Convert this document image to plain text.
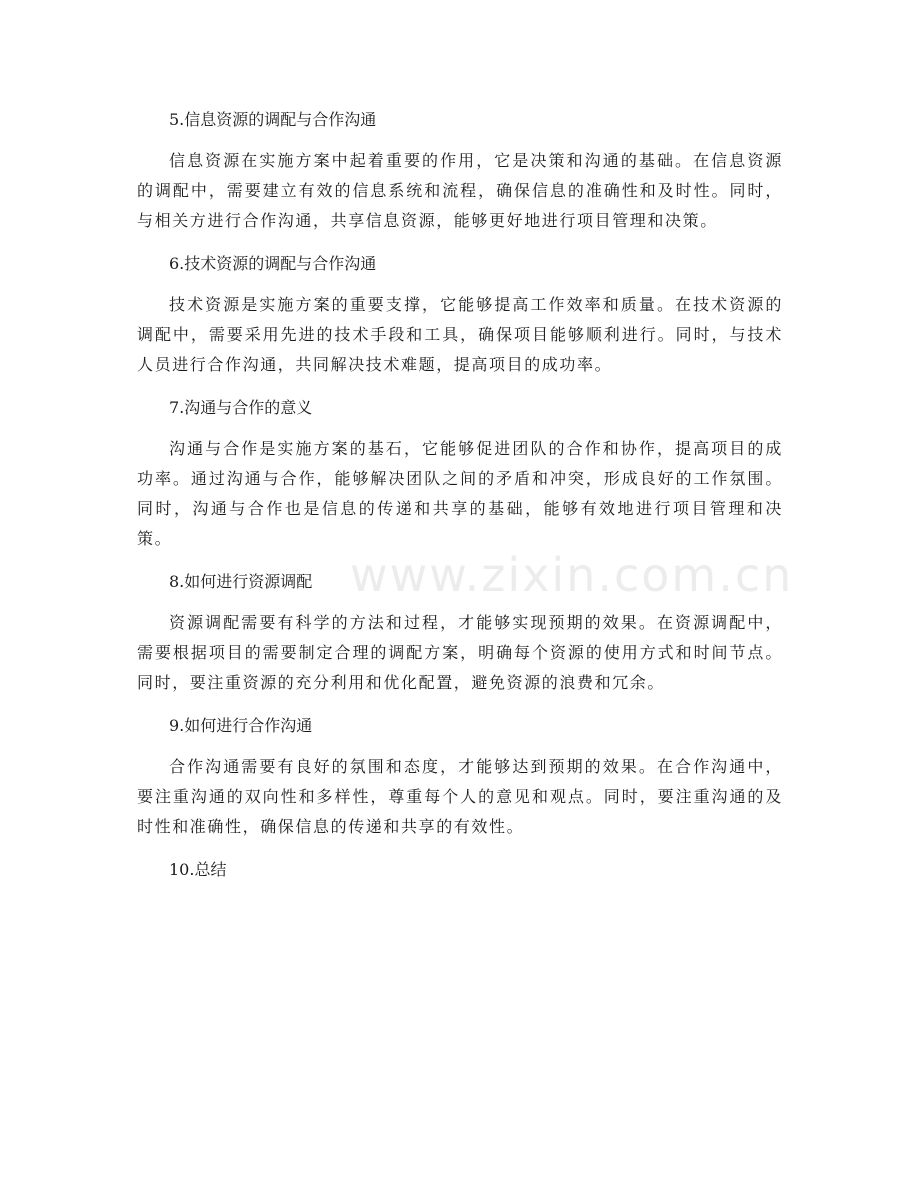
5.信息资源的调配与合作沟通

信息资源在实施方案中起着重要的作用，它是决策和沟通的基础。在信息资源的调配中，需要建立有效的信息系统和流程，确保信息的准确性和及时性。同时，与相关方进行合作沟通，共享信息资源，能够更好地进行项目管理和决策。

6.技术资源的调配与合作沟通

技术资源是实施方案的重要支撑，它能够提高工作效率和质量。在技术资源的调配中，需要采用先进的技术手段和工具，确保项目能够顺利进行。同时，与技术人员进行合作沟通，共同解决技术难题，提高项目的成功率。

7.沟通与合作的意义

沟通与合作是实施方案的基石，它能够促进团队的合作和协作，提高项目的成功率。通过沟通与合作，能够解决团队之间的矛盾和冲突，形成良好的工作氛围。同时，沟通与合作也是信息的传递和共享的基础，能够有效地进行项目管理和决策。

8.如何进行资源调配

资源调配需要有科学的方法和过程，才能够实现预期的效果。在资源调配中，需要根据项目的需要制定合理的调配方案，明确每个资源的使用方式和时间节点。同时，要注重资源的充分利用和优化配置，避免资源的浪费和冗余。

9.如何进行合作沟通

合作沟通需要有良好的氛围和态度，才能够达到预期的效果。在合作沟通中，要注重沟通的双向性和多样性，尊重每个人的意见和观点。同时，要注重沟通的及时性和准确性，确保信息的传递和共享的有效性。

10.总结
www.zixin.com.cn
